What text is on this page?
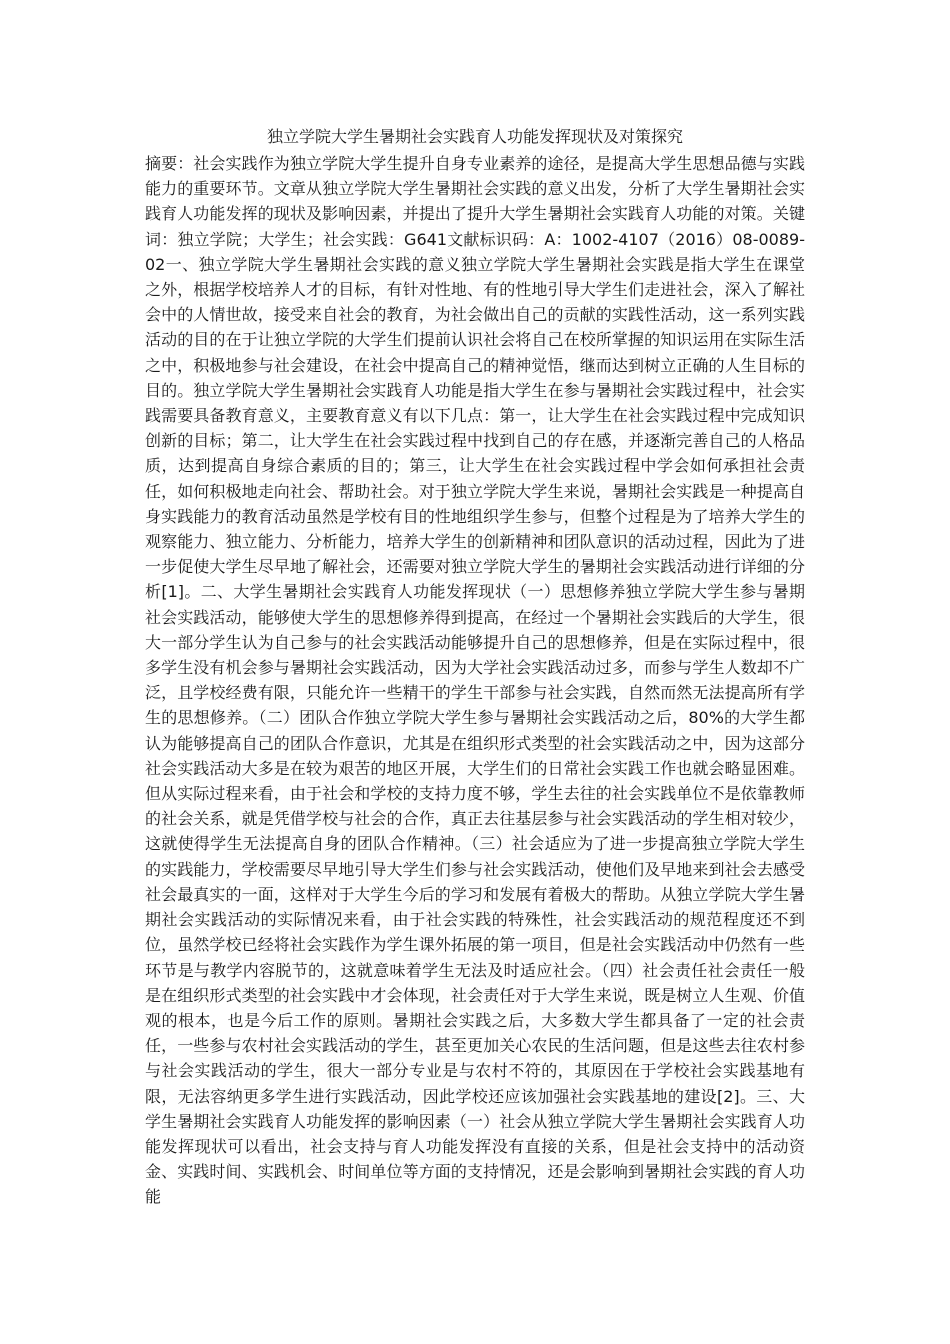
独立学院大学生暑期社会实践育人功能发挥现状及对策探究

摘要：社会实践作为独立学院大学生提升自身专业素养的途径，是提高大学生思想品德与实践能力的重要环节。文章从独立学院大学生暑期社会实践的意义出发，分析了大学生暑期社会实践育人功能发挥的现状及影响因素，并提出了提升大学生暑期社会实践育人功能的对策。关键词：独立学院；大学生；社会实践：G641文献标识码：A：1002-4107（2016）08-0089-02一、独立学院大学生暑期社会实践的意义独立学院大学生暑期社会实践是指大学生在课堂之外，根据学校培养人才的目标，有针对性地、有的性地引导大学生们走进社会，深入了解社会中的人情世故，接受来自社会的教育，为社会做出自己的贡献的实践性活动，这一系列实践活动的目的在于让独立学院的大学生们提前认识社会将自己在校所掌握的知识运用在实际生活之中，积极地参与社会建设，在社会中提高自己的精神觉悟，继而达到树立正确的人生目标的目的。独立学院大学生暑期社会实践育人功能是指大学生在参与暑期社会实践过程中，社会实践需要具备教育意义，主要教育意义有以下几点：第一，让大学生在社会实践过程中完成知识创新的目标；第二，让大学生在社会实践过程中找到自己的存在感，并逐渐完善自己的人格品质，达到提高自身综合素质的目的；第三，让大学生在社会实践过程中学会如何承担社会责任，如何积极地走向社会、帮助社会。对于独立学院大学生来说，暑期社会实践是一种提高自身实践能力的教育活动虽然是学校有目的性地组织学生参与，但整个过程是为了培养大学生的观察能力、独立能力、分析能力，培养大学生的创新精神和团队意识的活动过程，因此为了进一步促使大学生尽早地了解社会，还需要对独立学院大学生的暑期社会实践活动进行详细的分析[1]。二、大学生暑期社会实践育人功能发挥现状（一）思想修养独立学院大学生参与暑期社会实践活动，能够使大学生的思想修养得到提高，在经过一个暑期社会实践后的大学生，很大一部分学生认为自己参与的社会实践活动能够提升自己的思想修养，但是在实际过程中，很多学生没有机会参与暑期社会实践活动，因为大学社会实践活动过多，而参与学生人数却不广泛，且学校经费有限，只能允许一些精干的学生干部参与社会实践，自然而然无法提高所有学生的思想修养。（二）团队合作独立学院大学生参与暑期社会实践活动之后，80%的大学生都认为能够提高自己的团队合作意识，尤其是在组织形式类型的社会实践活动之中，因为这部分社会实践活动大多是在较为艰苦的地区开展，大学生们的日常社会实践工作也就会略显困难。但从实际过程来看，由于社会和学校的支持力度不够，学生去往的社会实践单位不是依靠教师的社会关系，就是凭借学校与社会的合作，真正去往基层参与社会实践活动的学生相对较少，这就使得学生无法提高自身的团队合作精神。（三）社会适应为了进一步提高独立学院大学生的实践能力，学校需要尽早地引导大学生们参与社会实践活动，使他们及早地来到社会去感受社会最真实的一面，这样对于大学生今后的学习和发展有着极大的帮助。从独立学院大学生暑期社会实践活动的实际情况来看，由于社会实践的特殊性，社会实践活动的规范程度还不到位，虽然学校已经将社会实践作为学生课外拓展的第一项目，但是社会实践活动中仍然有一些环节是与教学内容脱节的，这就意味着学生无法及时适应社会。（四）社会责任社会责任一般是在组织形式类型的社会实践中才会体现，社会责任对于大学生来说，既是树立人生观、价值观的根本，也是今后工作的原则。暑期社会实践之后，大多数大学生都具备了一定的社会责任，一些参与农村社会实践活动的学生，甚至更加关心农民的生活问题，但是这些去往农村参与社会实践活动的学生，很大一部分专业是与农村不符的，其原因在于学校社会实践基地有限，无法容纳更多学生进行实践活动，因此学校还应该加强社会实践基地的建设[2]。三、大学生暑期社会实践育人功能发挥的影响因素（一）社会从独立学院大学生暑期社会实践育人功能发挥现状可以看出，社会支持与育人功能发挥没有直接的关系，但是社会支持中的活动资金、实践时间、实践机会、时间单位等方面的支持情况，还是会影响到暑期社会实践的育人功能
